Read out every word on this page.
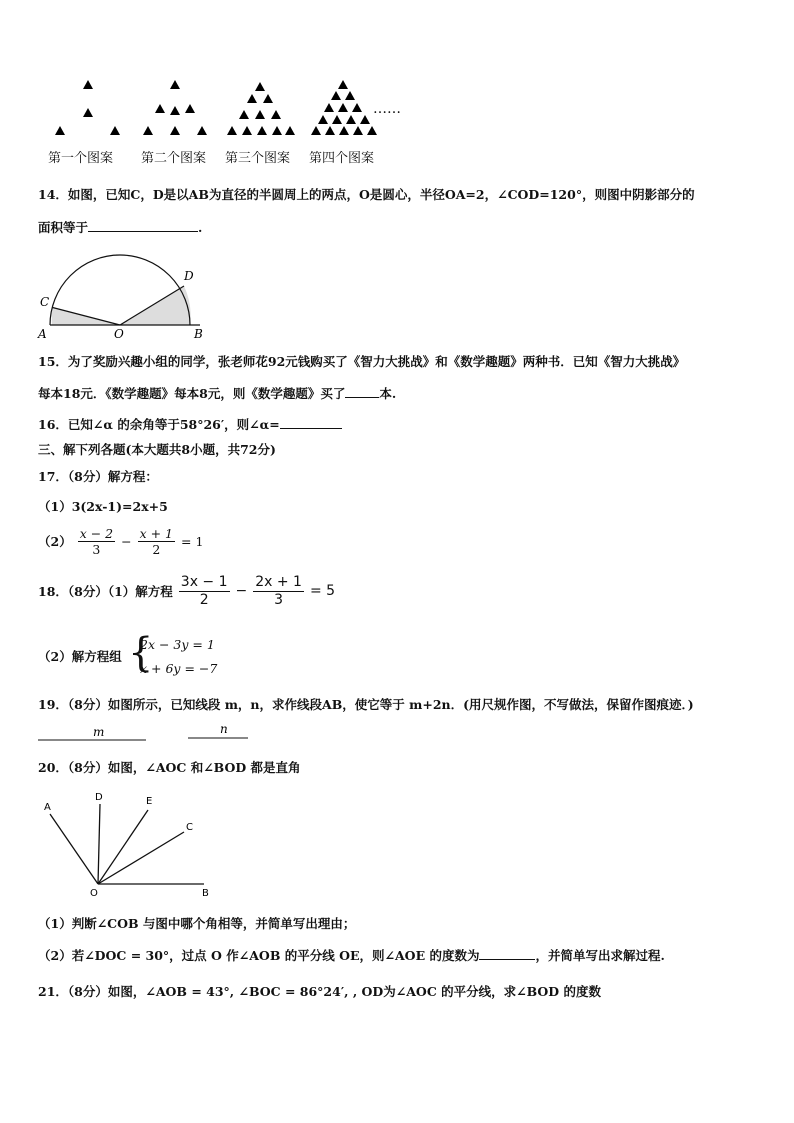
……
第一个图案 第二个图案 第三个图案 第四个图案
14．如图，已知C，D是以AB为直径的半圆周上的两点，O是圆心，半径OA=2，∠COD=120°，则图中阴影部分的
面积等于	.
A
C
O
D
B
15．为了奖励兴趣小组的同学，张老师花92元钱购买了《智力大挑战》和《数学趣题》两种书．已知《智力大挑战》
每本18元．《数学趣题》每本8元，则《数学趣题》买了	本.
16．已知∠α 的余角等于58°26′，则∠α=
三、解下列各题(本大题共8小题，共72分)
17．（8分）解方程：
（1）3(2x-1)=2x+5
$(2) \frac{x - 2}{3} - \frac{x + 1}{2} = 1$
18．（8分）（1）解方程 $\frac{3x - 1}{2} - \frac{2x + 1}{3} = 5$
（2）解方程组 {
2x − 3y = 1
x + 6y = −7
19．（8分）如图所示，已知线段 m，n，求作线段AB，使它等于 m+2n．(用尺规作图，不写做法，保留作图痕迹．)
m	n
20．（8分）如图，∠AOC 和∠BOD 都是直角
A
D	E
C
O	B
（1）判断∠COB 与图中哪个角相等，并简单写出理由；
（2）若∠DOC = 30°，过点 O 作∠AOB 的平分线 OE，则∠AOE 的度数为	，并简单写出求解过程.
21．（8分）如图，∠AOB = 43°, ∠BOC = 86°24′, , OD为∠AOC 的平分线，求∠BOD 的度数
